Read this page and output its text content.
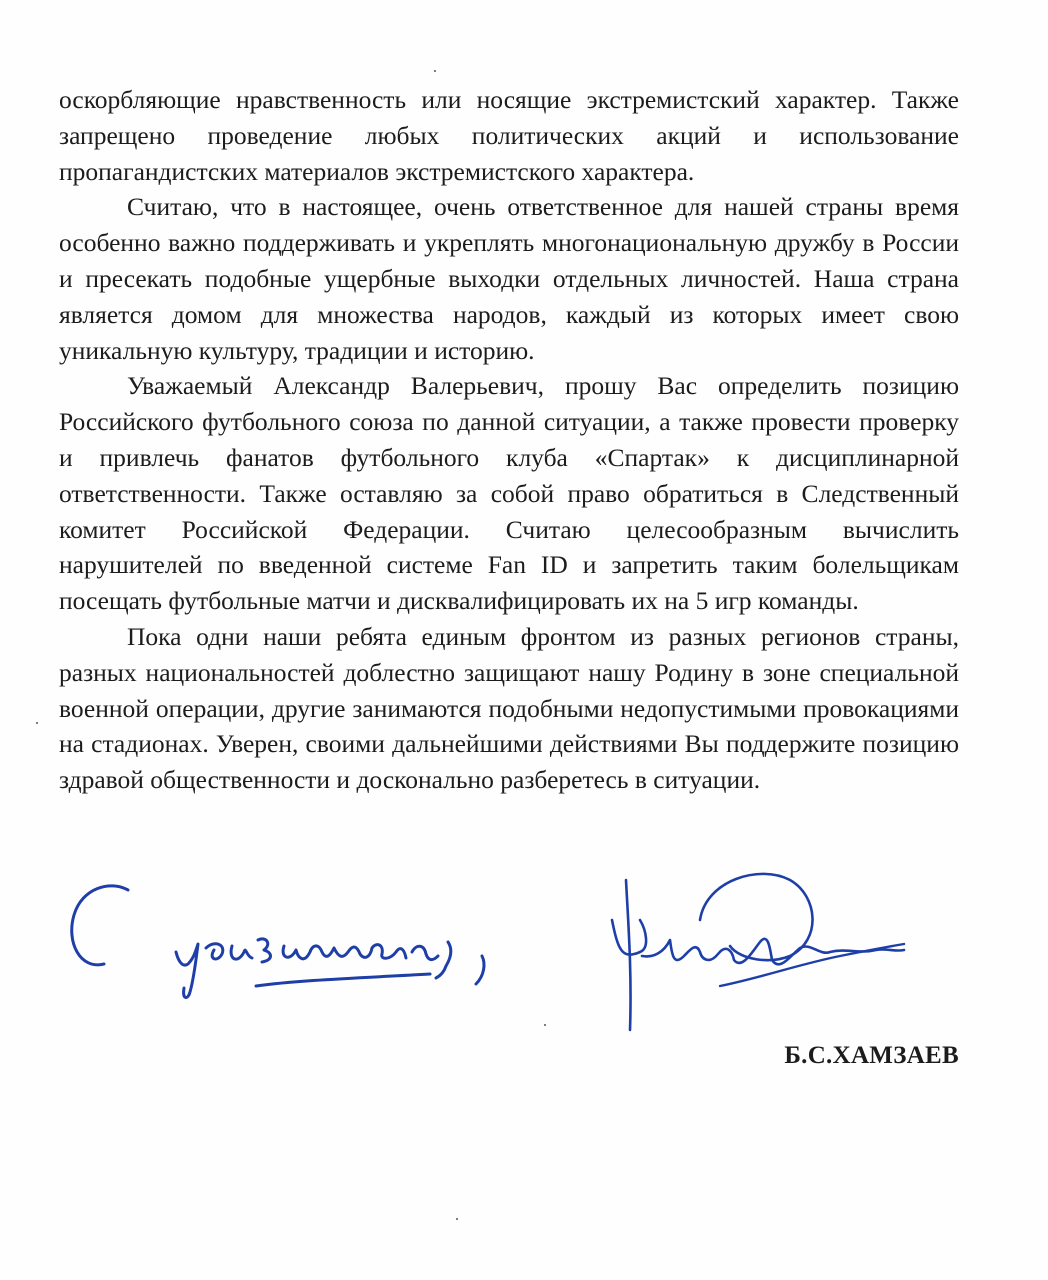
оскорбляющие нравственность или носящие экстремистский характер. Также запрещено проведение любых политических акций и использование пропагандистских материалов экстремистского характера.

Считаю, что в настоящее, очень ответственное для нашей страны время особенно важно поддерживать и укреплять многонациональную дружбу в России и пресекать подобные ущербные выходки отдельных личностей. Наша страна является домом для множества народов, каждый из которых имеет свою уникальную культуру, традиции и историю.

Уважаемый Александр Валерьевич, прошу Вас определить позицию Российского футбольного союза по данной ситуации, а также провести проверку и привлечь фанатов футбольного клуба «Спартак» к дисциплинарной ответственности. Также оставляю за собой право обратиться в Следственный комитет Российской Федерации. Считаю целесообразным вычислить нарушителей по введенной системе Fan ID и запретить таким болельщикам посещать футбольные матчи и дисквалифицировать их на 5 игр команды.

Пока одни наши ребята единым фронтом из разных регионов страны, разных национальностей доблестно защищают нашу Родину в зоне специальной военной операции, другие занимаются подобными недопустимыми провокациями на стадионах. Уверен, своими дальнейшими действиями Вы поддержите позицию здравой общественности и досконально разберетесь в ситуации.

Б.С.ХАМЗАЕВ
